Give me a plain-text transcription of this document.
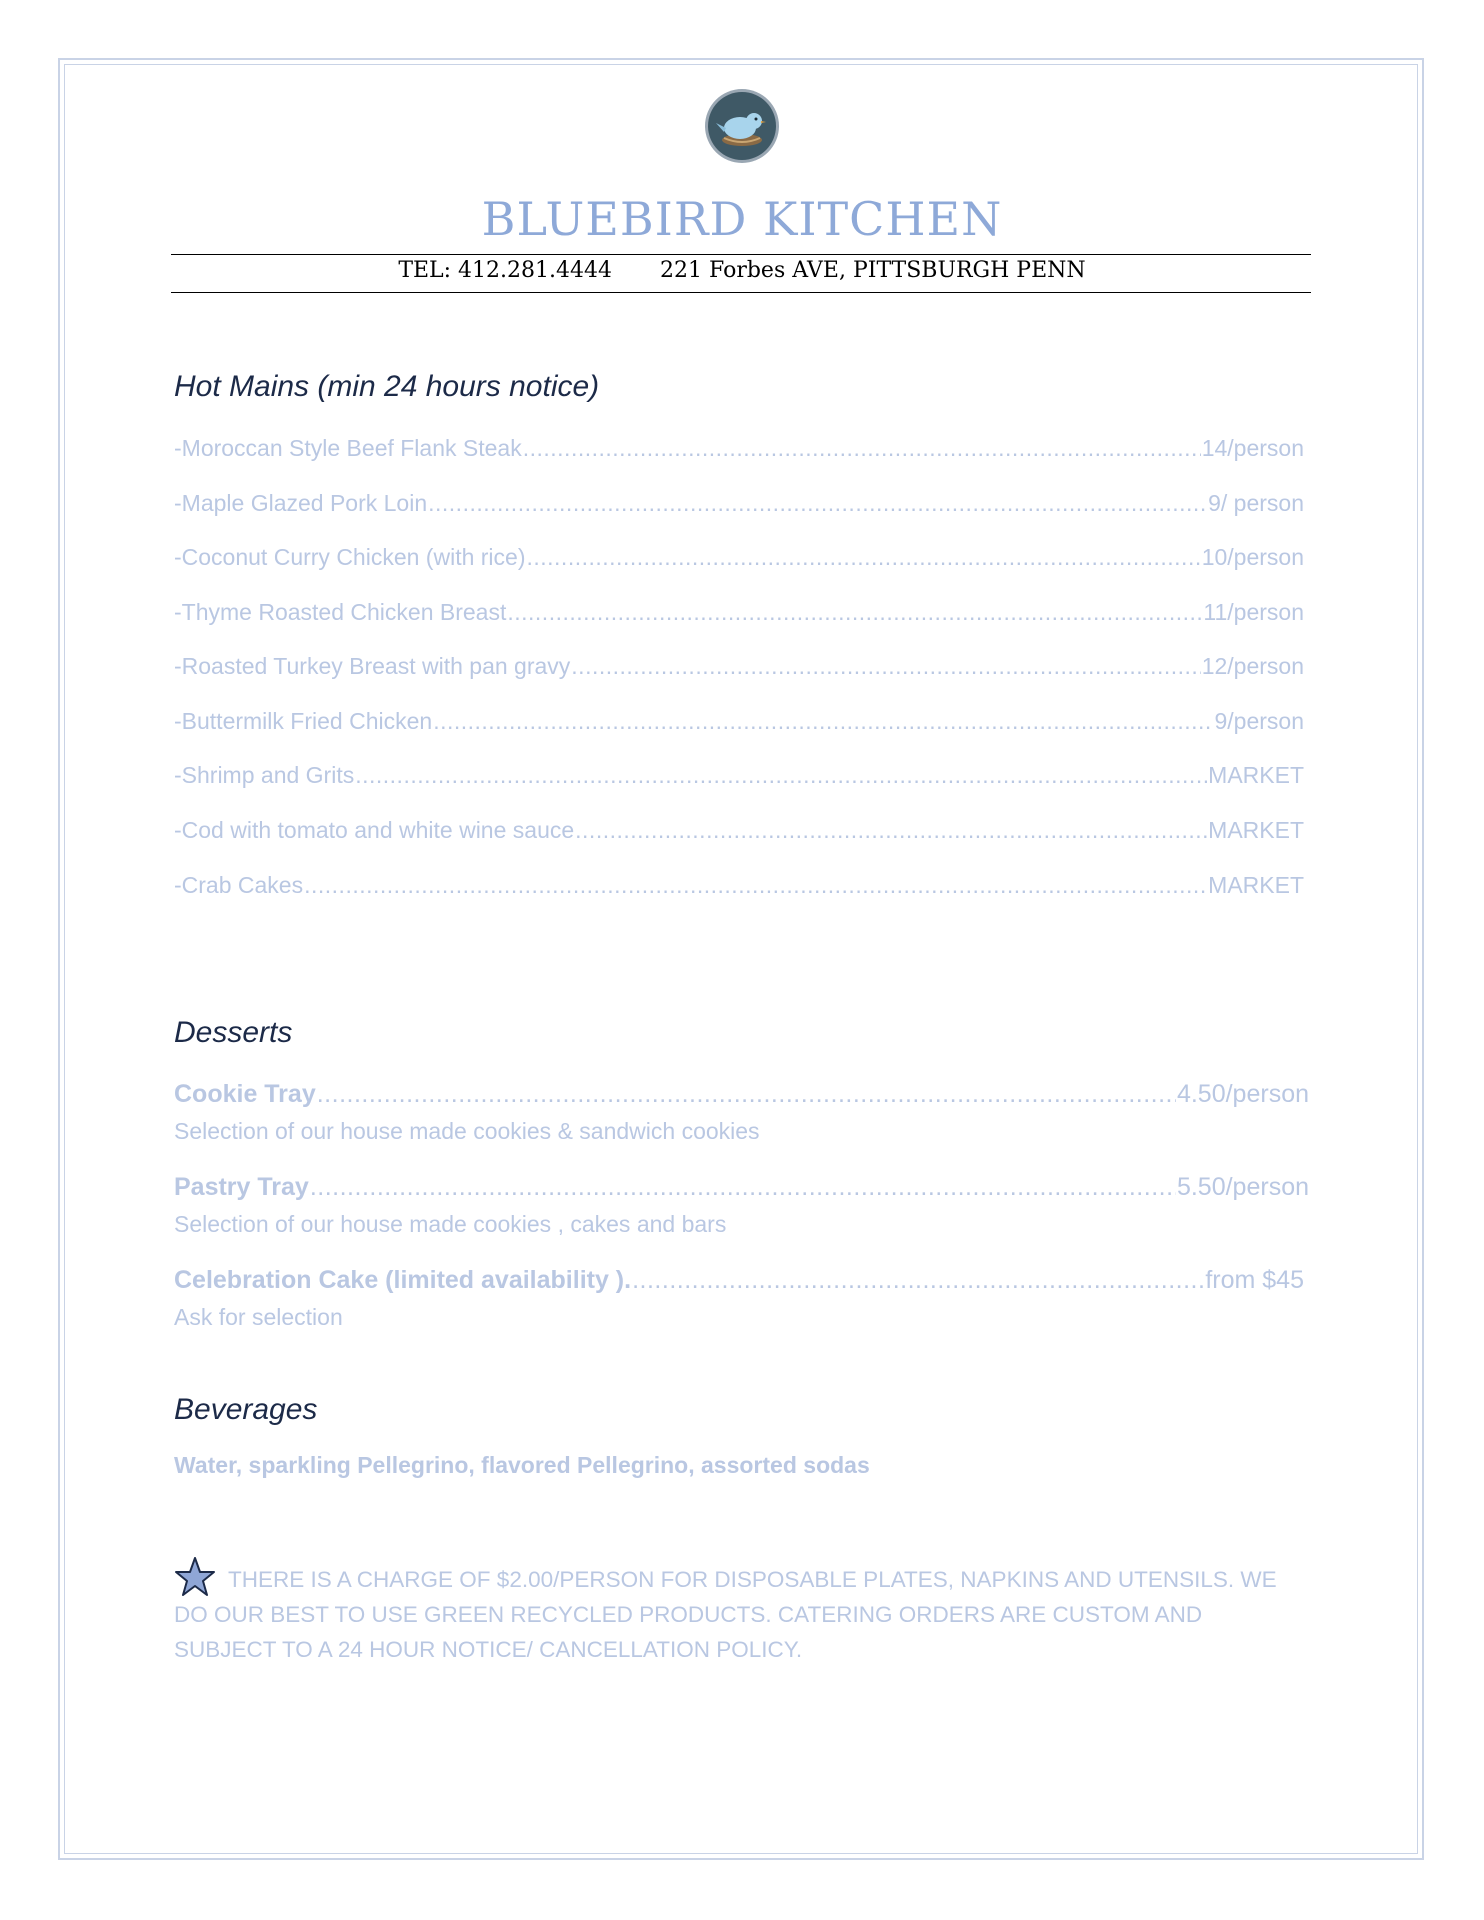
BLUEBIRD KITCHEN
TEL: 412.281.4444 221 Forbes AVE, PITTSBURGH PENN
Hot Mains (min 24 hours notice)
-Moroccan Style Beef Flank Steak .....	14/person
-Maple Glazed Pork Loin .....	9/ person
-Coconut Curry Chicken (with rice) .....	10/person
-Thyme Roasted Chicken Breast .....	11/person
-Roasted Turkey Breast with pan gravy .....	12/person
-Buttermilk Fried Chicken .....	9/person
-Shrimp and Grits .....	MARKET
-Cod with tomato and white wine sauce .....	MARKET
-Crab Cakes .....	MARKET
Desserts
Cookie Tray .....	4.50/person
Selection of our house made cookies & sandwich cookies
Pastry Tray .....	5.50/person
Selection of our house made cookies , cakes and bars
Celebration Cake (limited availability ). .....	from $45
Ask for selection
Beverages
Water, sparkling Pellegrino, flavored Pellegrino, assorted sodas
THERE IS A CHARGE OF $2.00/PERSON FOR DISPOSABLE PLATES, NAPKINS AND UTENSILS. WE DO OUR BEST TO USE GREEN RECYCLED PRODUCTS. CATERING ORDERS ARE CUSTOM AND SUBJECT TO A 24 HOUR NOTICE/ CANCELLATION POLICY.
